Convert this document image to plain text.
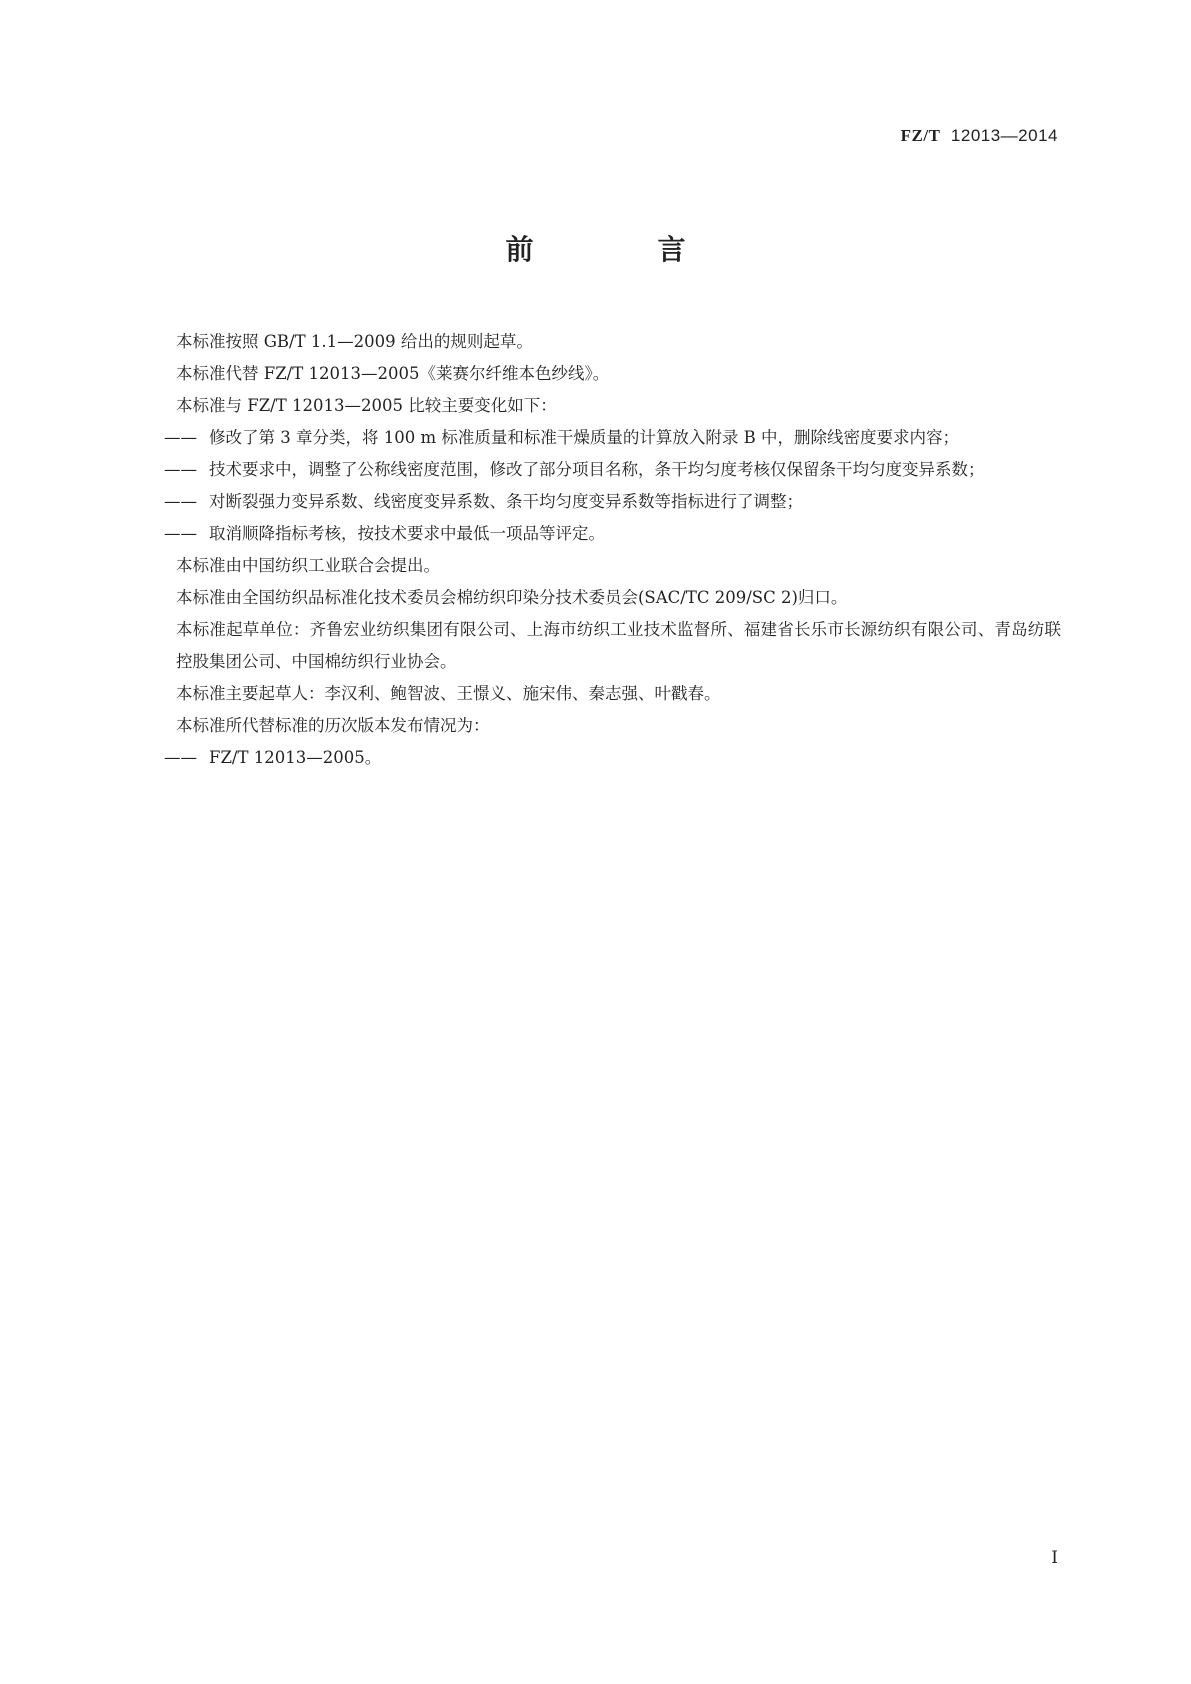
FZ/T 12013—2014
前　言

本标准按照 GB/T 1.1—2009 给出的规则起草。

本标准代替 FZ/T 12013—2005《莱赛尔纤维本色纱线》。

本标准与 FZ/T 12013—2005 比较主要变化如下：

—— 修改了第 3 章分类，将 100 m 标准质量和标准干燥质量的计算放入附录 B 中，删除线密度要求内容；

—— 技术要求中，调整了公称线密度范围，修改了部分项目名称，条干均匀度考核仅保留条干均匀度变异系数；

—— 对断裂强力变异系数、线密度变异系数、条干均匀度变异系数等指标进行了调整；

—— 取消顺降指标考核，按技术要求中最低一项品等评定。

本标准由中国纺织工业联合会提出。

本标准由全国纺织品标准化技术委员会棉纺织印染分技术委员会(SAC/TC 209/SC 2)归口。

本标准起草单位：齐鲁宏业纺织集团有限公司、上海市纺织工业技术监督所、福建省长乐市长源纺织有限公司、青岛纺联控股集团公司、中国棉纺织行业协会。

本标准主要起草人：李汉利、鲍智波、王憬义、施宋伟、秦志强、叶戳春。

本标准所代替标准的历次版本发布情况为：

—— FZ/T 12013—2005。

I
